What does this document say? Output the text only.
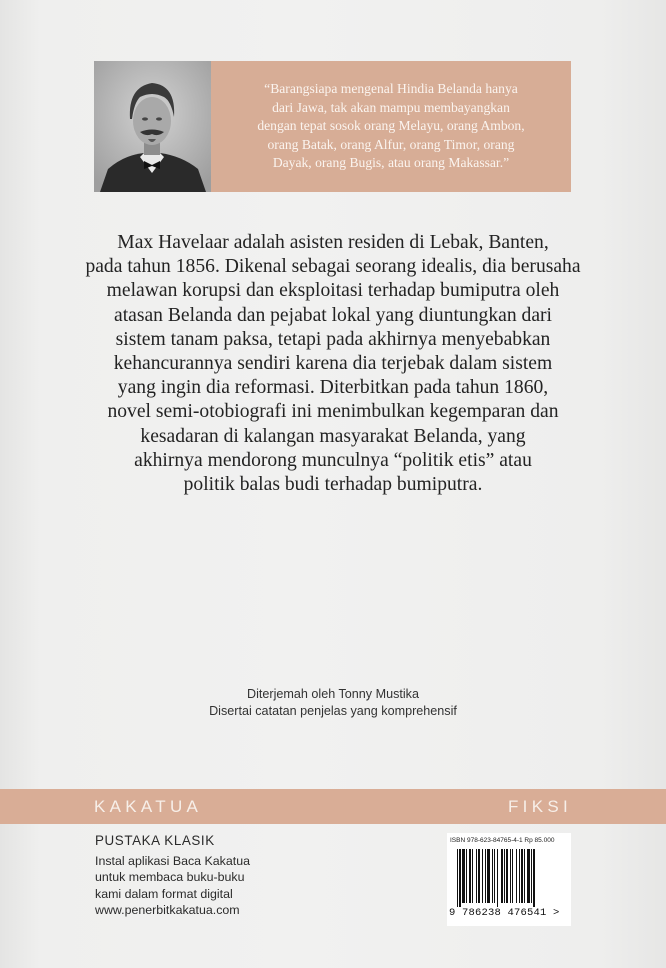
“Barangsiapa mengenal Hindia Belanda hanya
dari Jawa, tak akan mampu membayangkan
dengan tepat sosok orang Melayu, orang Ambon,
orang Batak, orang Alfur, orang Timor, orang
Dayak, orang Bugis, atau orang Makassar.”

Max Havelaar adalah asisten residen di Lebak, Banten,
pada tahun 1856. Dikenal sebagai seorang idealis, dia berusaha
melawan korupsi dan eksploitasi terhadap bumiputra oleh
atasan Belanda dan pejabat lokal yang diuntungkan dari
sistem tanam paksa, tetapi pada akhirnya menyebabkan
kehancurannya sendiri karena dia terjebak dalam sistem
yang ingin dia reformasi. Diterbitkan pada tahun 1860,
novel semi-otobiografi ini menimbulkan kegemparan dan
kesadaran di kalangan masyarakat Belanda, yang
akhirnya mendorong munculnya “politik etis” atau
politik balas budi terhadap bumiputra.

Diterjemah oleh Tonny Mustika
Disertai catatan penjelas yang komprehensif
KAKATUA	FIKSI
PUSTAKA KLASIK
Instal aplikasi Baca Kakatua
untuk membaca buku-buku
kami dalam format digital
www.penerbitkakatua.com
ISBN 978-623-84765-4-1 Rp 85.000
9 786238 476541 >
